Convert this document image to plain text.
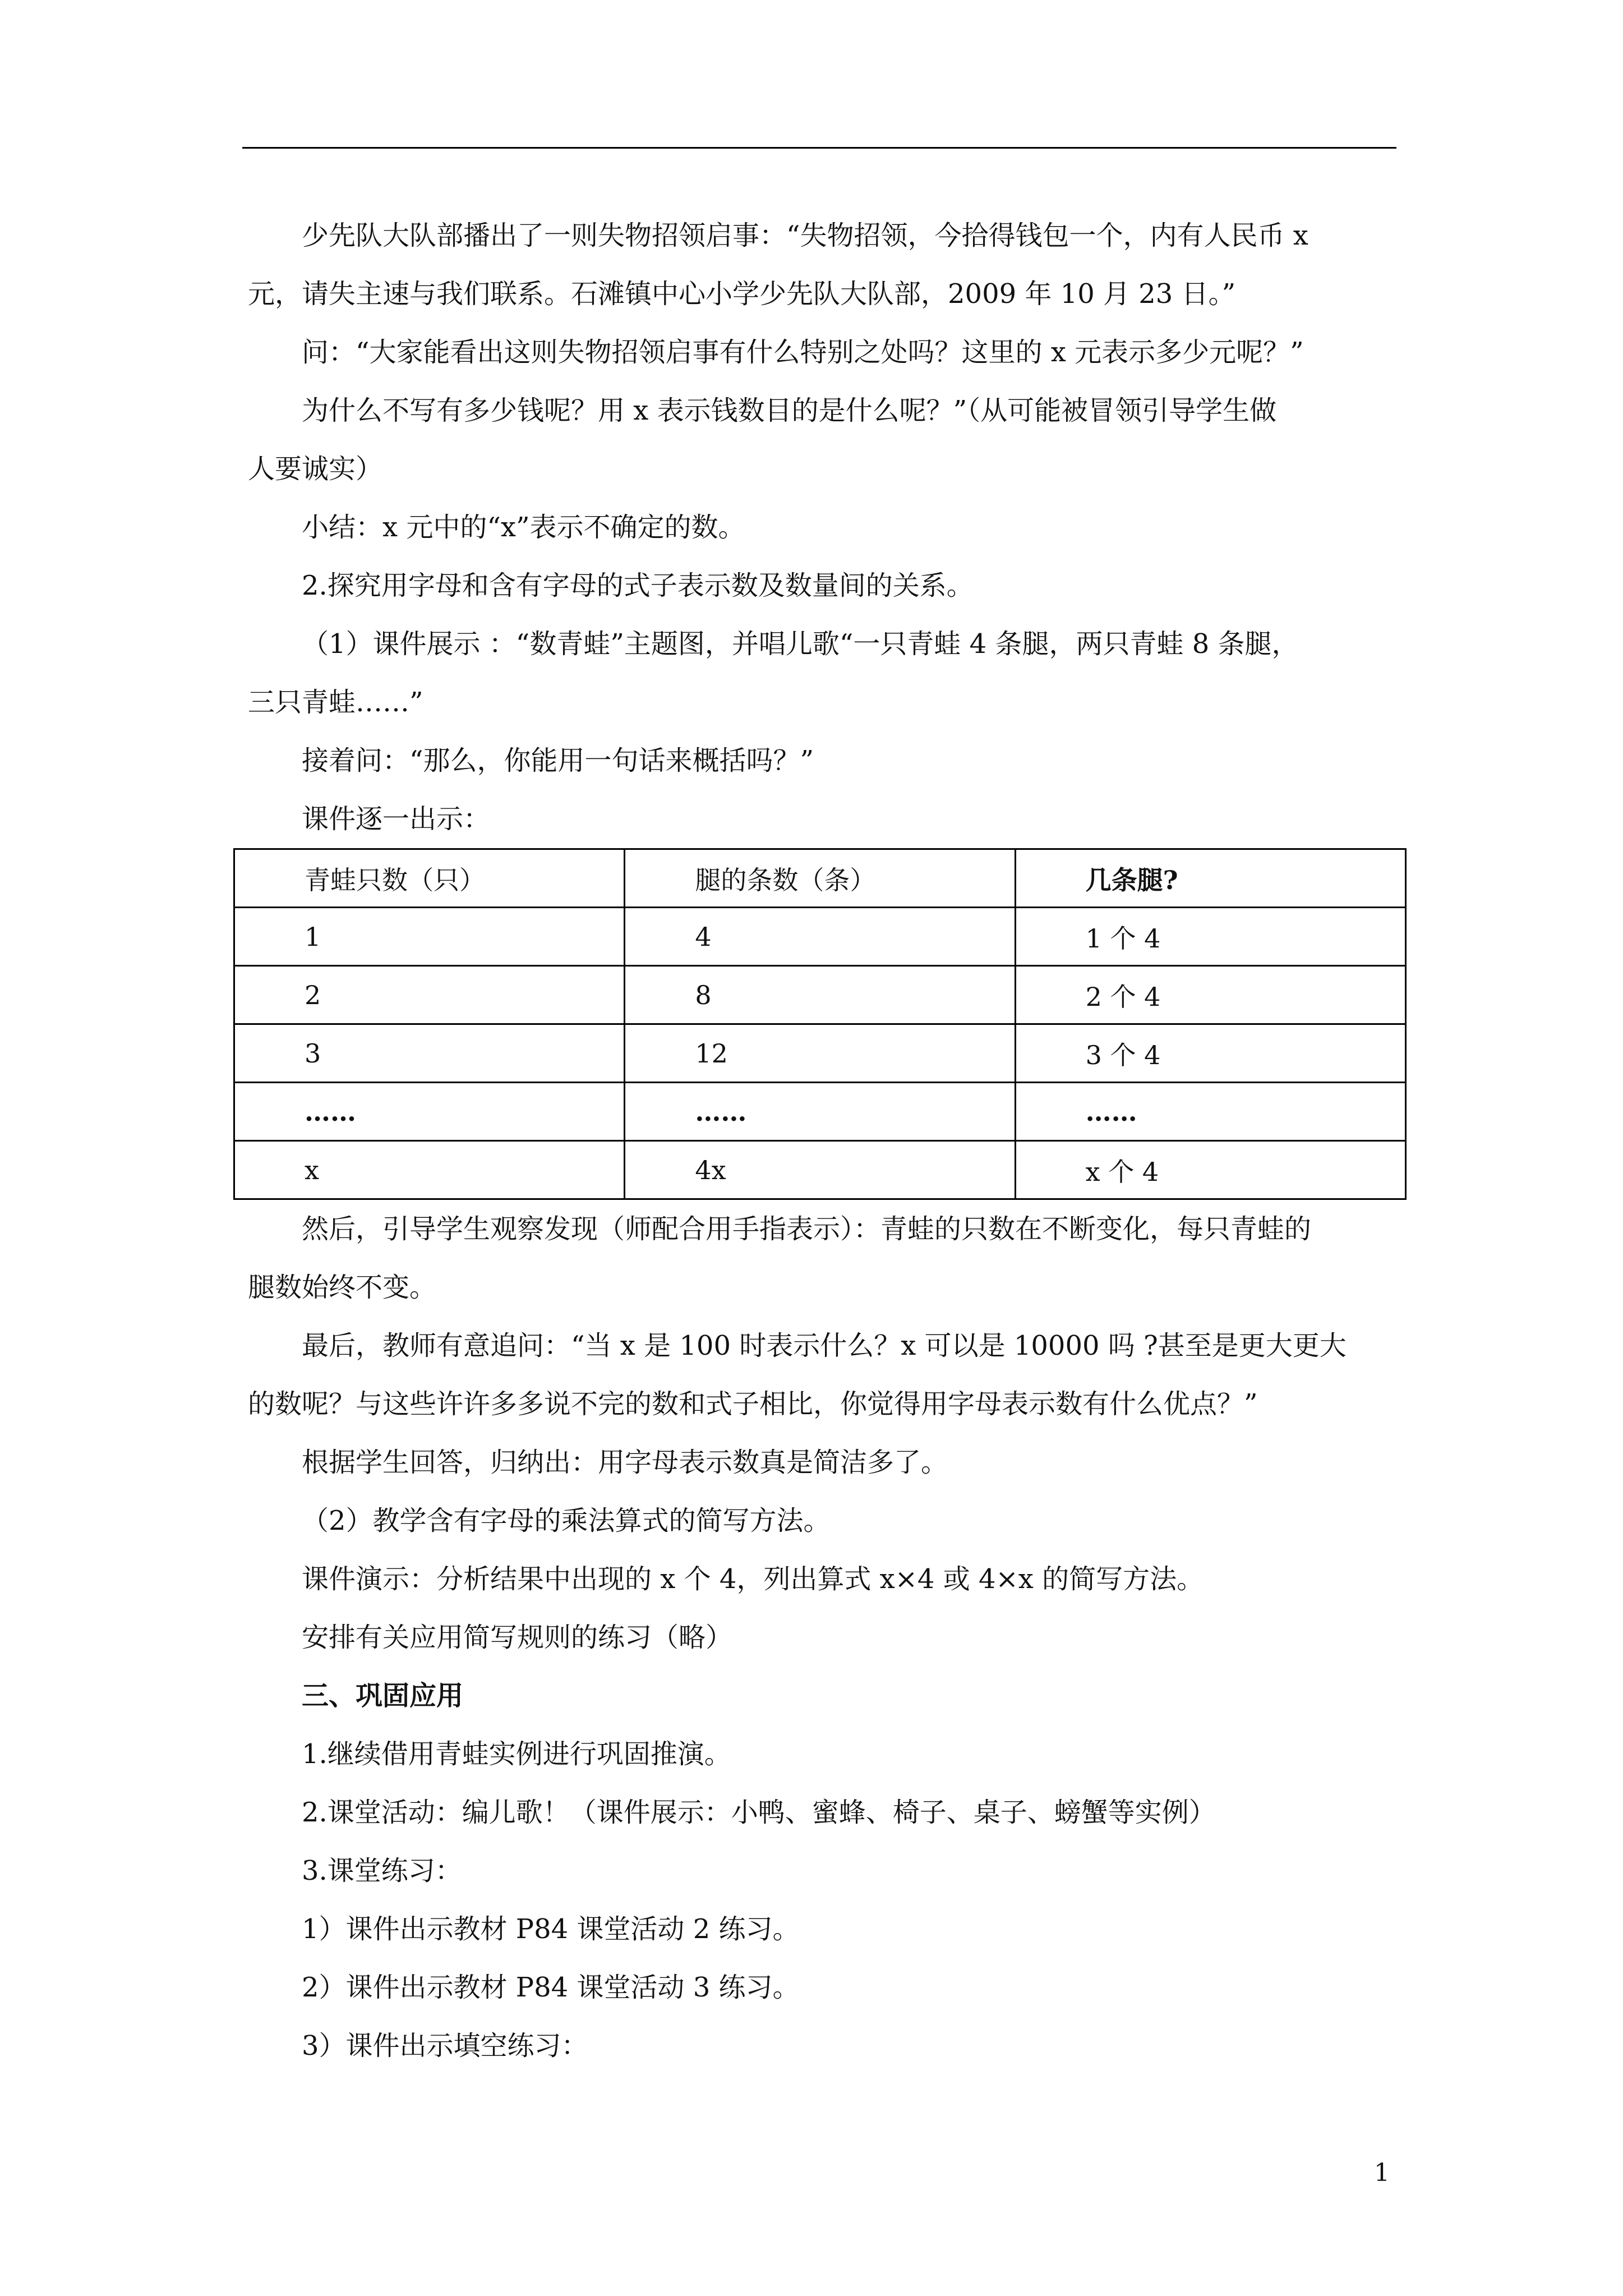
少先队大队部播出了一则失物招领启事：“失物招领，今拾得钱包一个，内有人民币 x

元，请失主速与我们联系。石滩镇中心小学少先队大队部，2009 年 10 月 23 日。”

问：“大家能看出这则失物招领启事有什么特别之处吗？这里的 x 元表示多少元呢？”

为什么不写有多少钱呢？用 x 表示钱数目的是什么呢？”（从可能被冒领引导学生做

人要诚实）

小结：x 元中的“x”表示不确定的数。

2.探究用字母和含有字母的式子表示数及数量间的关系。

（1）课件展示 ：“数青蛙”主题图，并唱儿歌“一只青蛙 4 条腿，两只青蛙 8 条腿，

三只青蛙……”

接着问：“那么，你能用一句话来概括吗？”

课件逐一出示：

青蛙只数（只）	腿的条数（条）	几条腿?
1	4	1 个 4
2	8	2 个 4
3	12	3 个 4
……	……	……
x	4x	x 个 4

然后，引导学生观察发现（师配合用手指表示）：青蛙的只数在不断变化，每只青蛙的

腿数始终不变。

最后，教师有意追问：“当 x 是 100 时表示什么？x 可以是 10000 吗 ?甚至是更大更大

的数呢？与这些许许多多说不完的数和式子相比，你觉得用字母表示数有什么优点？”

根据学生回答，归纳出：用字母表示数真是简洁多了。

（2）教学含有字母的乘法算式的简写方法。

课件演示：分析结果中出现的 x 个 4，列出算式 x×4 或 4×x 的简写方法。

安排有关应用简写规则的练习（略）

三、巩固应用

1.继续借用青蛙实例进行巩固推演。

2.课堂活动：编儿歌！（课件展示：小鸭、蜜蜂、椅子、桌子、螃蟹等实例）

3.课堂练习：

1）课件出示教材 P84 课堂活动 2 练习。

2）课件出示教材 P84 课堂活动 3 练习。

3）课件出示填空练习：

1
